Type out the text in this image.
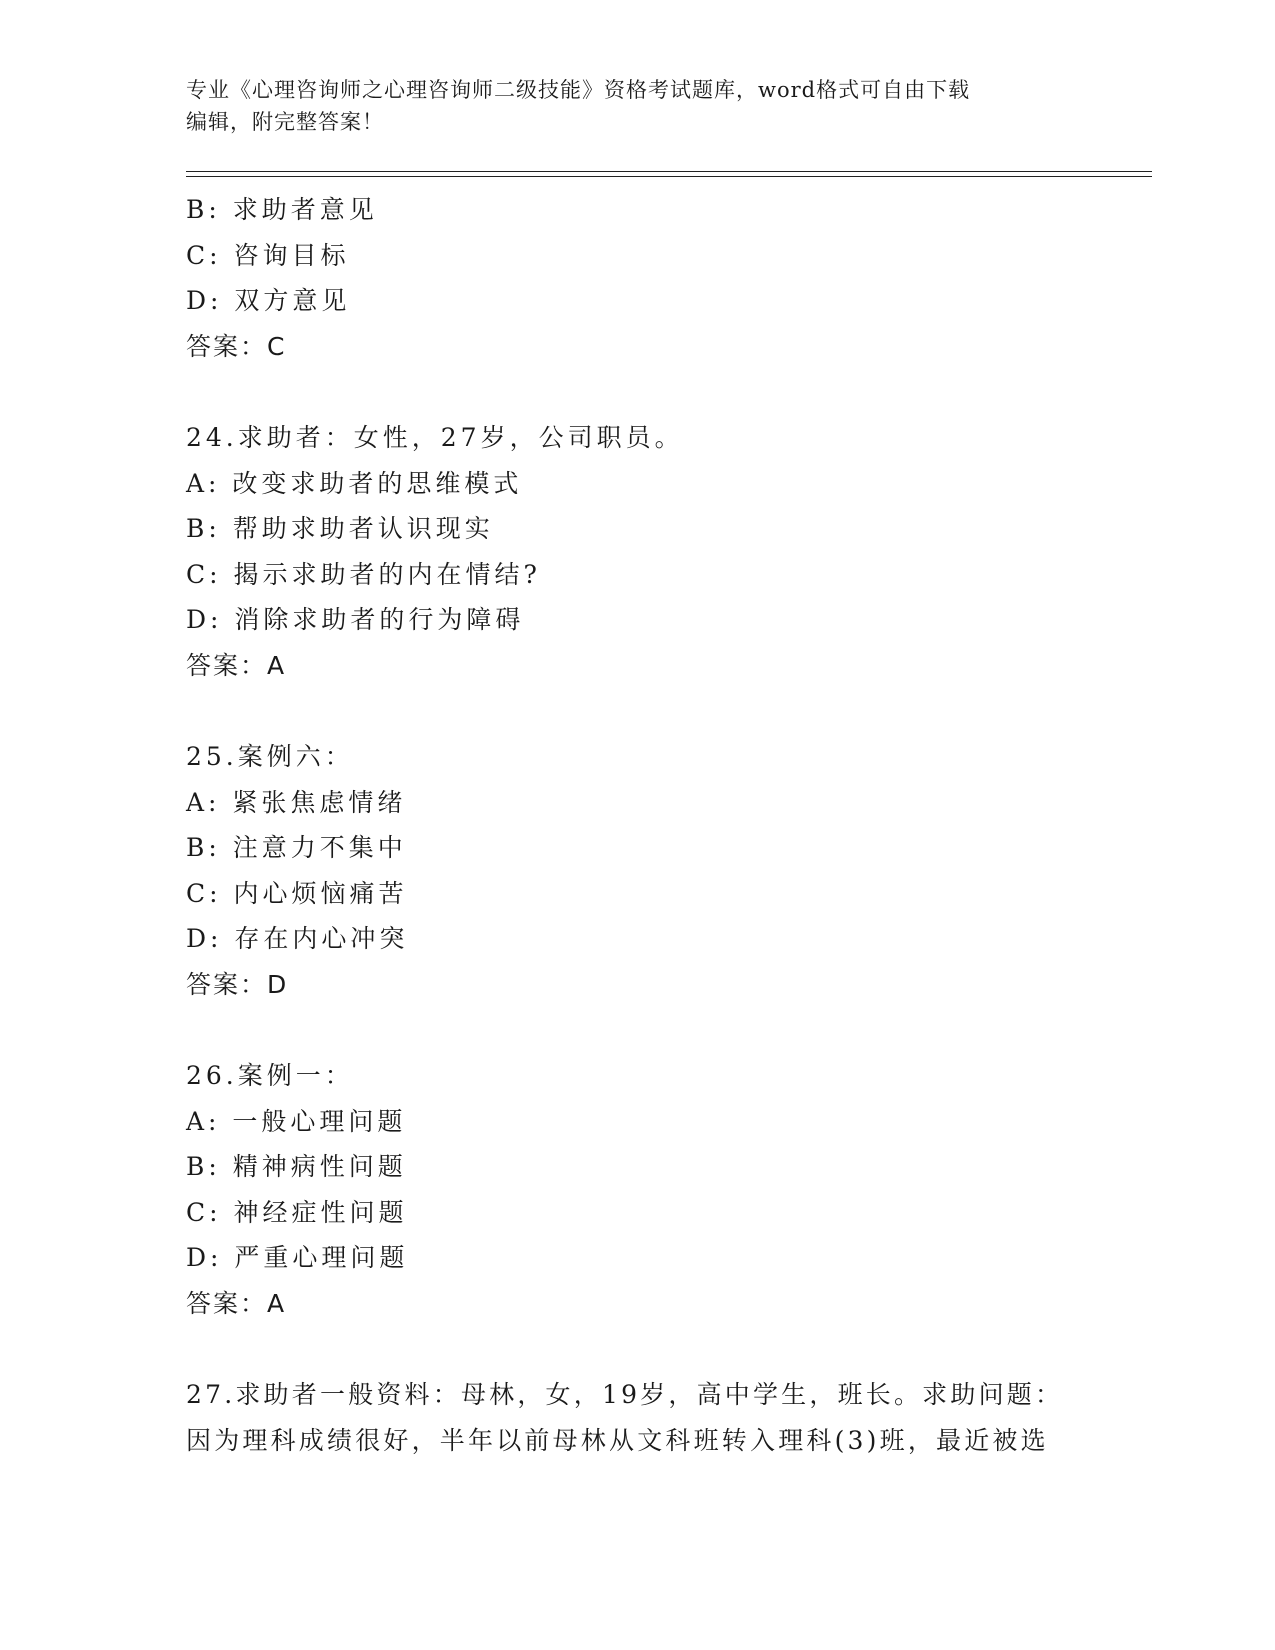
专业《心理咨询师之心理咨询师二级技能》资格考试题库，word格式可自由下载
编辑，附完整答案！
B: 求助者意见
C: 咨询目标
D: 双方意见
答案：C
24.求助者：女性，27岁，公司职员。
A: 改变求助者的思维模式
B: 帮助求助者认识现实
C: 揭示求助者的内在情结?
D: 消除求助者的行为障碍
答案：A
25.案例六：
A: 紧张焦虑情绪
B: 注意力不集中
C: 内心烦恼痛苦
D: 存在内心冲突
答案：D
26.案例一：
A: 一般心理问题
B: 精神病性问题
C: 神经症性问题
D: 严重心理问题
答案：A
27.求助者一般资料：母林，女，19岁，高中学生，班长。求助问题：
因为理科成绩很好，半年以前母林从文科班转入理科(3)班，最近被选
